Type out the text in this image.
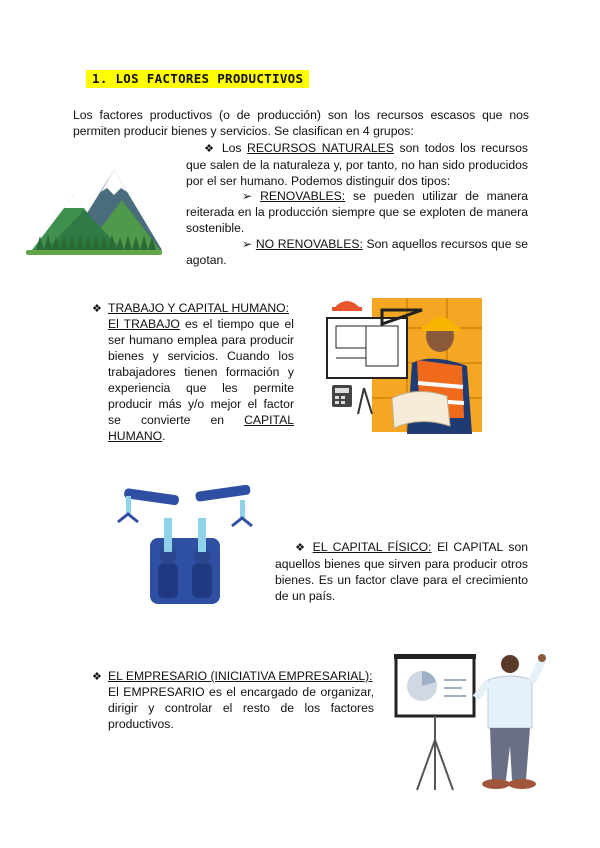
1. LOS FACTORES PRODUCTIVOS
Los factores productivos (o de producción) son los recursos escasos que nos permiten producir bienes y servicios. Se clasifican en 4 grupos:
❖ Los RECURSOS NATURALES son todos los recursos que salen de la naturaleza y, por tanto, no han sido producidos por el ser humano. Podemos distinguir dos tipos:
➢ RENOVABLES: se pueden utilizar de manera reiterada en la producción siempre que se exploten de manera sostenible.
➢ NO RENOVABLES: Son aquellos recursos que se agotan.
❖ TRABAJO Y CAPITAL HUMANO:
El TRABAJO es el tiempo que el ser humano emplea para producir bienes y servicios. Cuando los trabajadores tienen formación y experiencia que les permite producir más y/o mejor el factor se convierte en CAPITAL HUMANO.
❖ EL CAPITAL FÍSICO: El CAPITAL son aquellos bienes que sirven para producir otros bienes. Es un factor clave para el crecimiento de un país.
❖ EL EMPRESARIO (INICIATIVA EMPRESARIAL):
El EMPRESARIO es el encargado de organizar, dirigir y controlar el resto de los factores productivos.
